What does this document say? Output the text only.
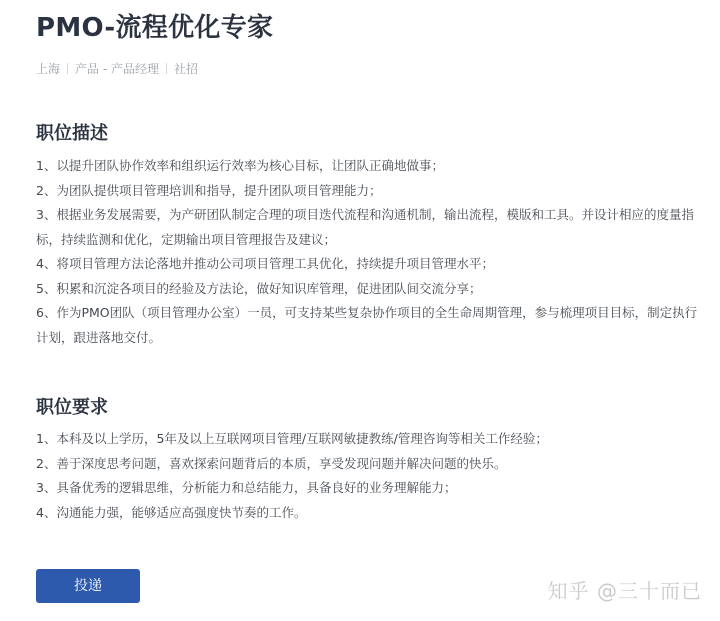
PMO-流程优化专家
上海 产品 - 产品经理 社招
职位描述
1、以提升团队协作效率和组织运行效率为核心目标，让团队正确地做事；
2、为团队提供项目管理培训和指导，提升团队项目管理能力；
3、根据业务发展需要，为产研团队制定合理的项目迭代流程和沟通机制，输出流程，模版和工具。并设计相应的度量指标，持续监测和优化，定期输出项目管理报告及建议；
4、将项目管理方法论落地并推动公司项目管理工具优化，持续提升项目管理水平；
5、积累和沉淀各项目的经验及方法论，做好知识库管理，促进团队间交流分享；
6、作为PMO团队（项目管理办公室）一员，可支持某些复杂协作项目的全生命周期管理，参与梳理项目目标，制定执行计划，跟进落地交付。
职位要求
1、本科及以上学历，5年及以上互联网项目管理/互联网敏捷教练/管理咨询等相关工作经验；
2、善于深度思考问题，喜欢探索问题背后的本质，享受发现问题并解决问题的快乐。
3、具备优秀的逻辑思维，分析能力和总结能力，具备良好的业务理解能力；
4、沟通能力强，能够适应高强度快节奏的工作。
投递	知乎 @三十而已
